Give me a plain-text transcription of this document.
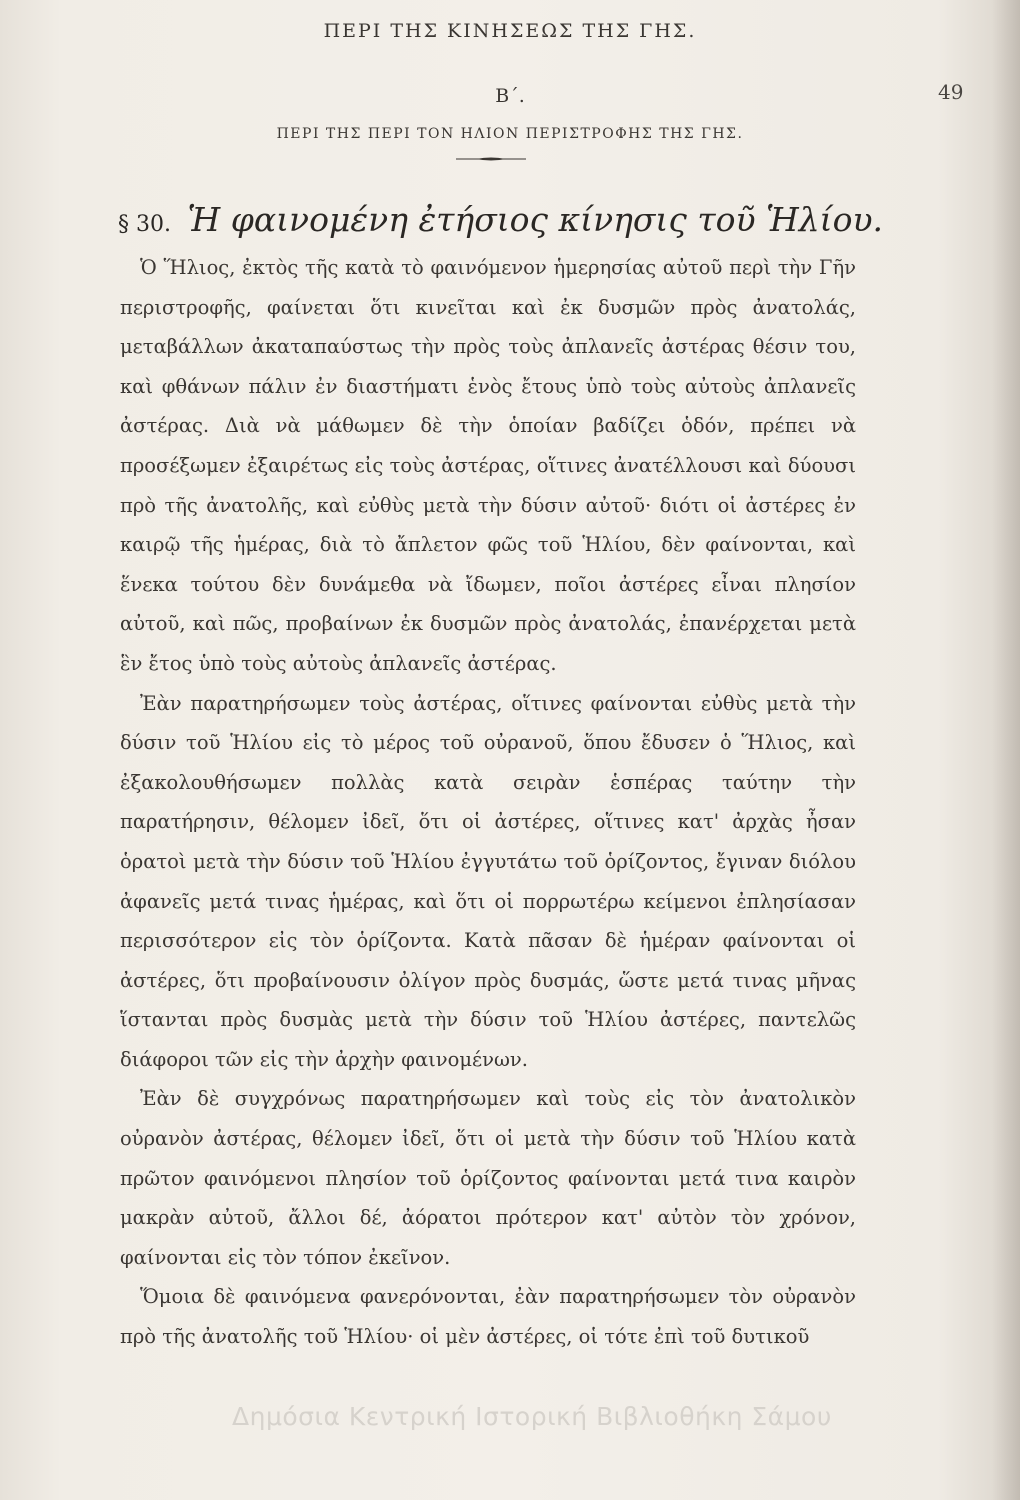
ΠΕΡΙ ΤΗΣ ΚΙΝΗΣΕΩΣ ΤΗΣ ΓΗΣ.
49
Β΄.
ΠΕΡΙ ΤΗΣ ΠΕΡΙ ΤΟΝ ΗΛΙΟΝ ΠΕΡΙΣΤΡΟΦΗΣ ΤΗΣ ΓΗΣ.
§ 30. Ἡ φαινομένη ἐτήσιος κίνησις τοῦ Ἡλίου.

Ὁ Ἥλιος, ἐκτὸς τῆς κατὰ τὸ φαινόμενον ἡμερησίας αὐτοῦ περὶ τὴν Γῆν περιστροφῆς, φαίνεται ὅτι κινεῖται καὶ ἐκ δυσμῶν πρὸς ἀνατολάς, μεταβάλλων ἀκαταπαύστως τὴν πρὸς τοὺς ἀπλανεῖς ἀστέρας θέσιν του, καὶ φθάνων πάλιν ἐν διαστήματι ἑνὸς ἔτους ὑπὸ τοὺς αὐτοὺς ἀπλανεῖς ἀστέρας. Διὰ νὰ μάθωμεν δὲ τὴν ὁποίαν βαδίζει ὁδόν, πρέπει νὰ προσέξωμεν ἐξαιρέτως εἰς τοὺς ἀστέρας, οἵτινες ἀνατέλλουσι καὶ δύουσι πρὸ τῆς ἀνατολῆς, καὶ εὐθὺς μετὰ τὴν δύσιν αὐτοῦ· διότι οἱ ἀστέρες ἐν καιρῷ τῆς ἡμέρας, διὰ τὸ ἄπλετον φῶς τοῦ Ἡλίου, δὲν φαίνονται, καὶ ἕνεκα τούτου δὲν δυνάμεθα νὰ ἴδωμεν, ποῖοι ἀστέρες εἶναι πλησίον αὐτοῦ, καὶ πῶς, προβαίνων ἐκ δυσμῶν πρὸς ἀνατολάς, ἐπανέρχεται μετὰ ἓν ἔτος ὑπὸ τοὺς αὐτοὺς ἀπλανεῖς ἀστέρας.

Ἐὰν παρατηρήσωμεν τοὺς ἀστέρας, οἵτινες φαίνονται εὐθὺς μετὰ τὴν δύσιν τοῦ Ἡλίου εἰς τὸ μέρος τοῦ οὐρανοῦ, ὅπου ἔδυσεν ὁ Ἥλιος, καὶ ἐξακολουθήσωμεν πολλὰς κατὰ σειρὰν ἑσπέρας ταύτην τὴν παρατήρησιν, θέλομεν ἰδεῖ, ὅτι οἱ ἀστέρες, οἵτινες κατ' ἀρχὰς ἦσαν ὁρατοὶ μετὰ τὴν δύσιν τοῦ Ἡλίου ἐγγυτάτω τοῦ ὁρίζοντος, ἔγιναν διόλου ἀφανεῖς μετά τινας ἡμέρας, καὶ ὅτι οἱ πορρωτέρω κείμενοι ἐπλησίασαν περισσότερον εἰς τὸν ὁρίζοντα. Κατὰ πᾶσαν δὲ ἡμέραν φαίνονται οἱ ἀστέρες, ὅτι προβαίνουσιν ὀλίγον πρὸς δυσμάς, ὥστε μετά τινας μῆνας ἵστανται πρὸς δυσμὰς μετὰ τὴν δύσιν τοῦ Ἡλίου ἀστέρες, παντελῶς διάφοροι τῶν εἰς τὴν ἀρχὴν φαινομένων.

Ἐὰν δὲ συγχρόνως παρατηρήσωμεν καὶ τοὺς εἰς τὸν ἀνατολικὸν οὐρανὸν ἀστέρας, θέλομεν ἰδεῖ, ὅτι οἱ μετὰ τὴν δύσιν τοῦ Ἡλίου κατὰ πρῶτον φαινόμενοι πλησίον τοῦ ὁρίζοντος φαίνονται μετά τινα καιρὸν μακρὰν αὐτοῦ, ἄλλοι δέ, ἀόρατοι πρότερον κατ' αὐτὸν τὸν χρόνον, φαίνονται εἰς τὸν τόπον ἐκεῖνον.

Ὅμοια δὲ φαινόμενα φανερόνονται, ἐὰν παρατηρήσωμεν τὸν οὐρανὸν πρὸ τῆς ἀνατολῆς τοῦ Ἡλίου· οἱ μὲν ἀστέρες, οἱ τότε ἐπὶ τοῦ δυτικοῦ

Δημόσια Κεντρική Ιστορική Βιβλιοθήκη Σάμου
